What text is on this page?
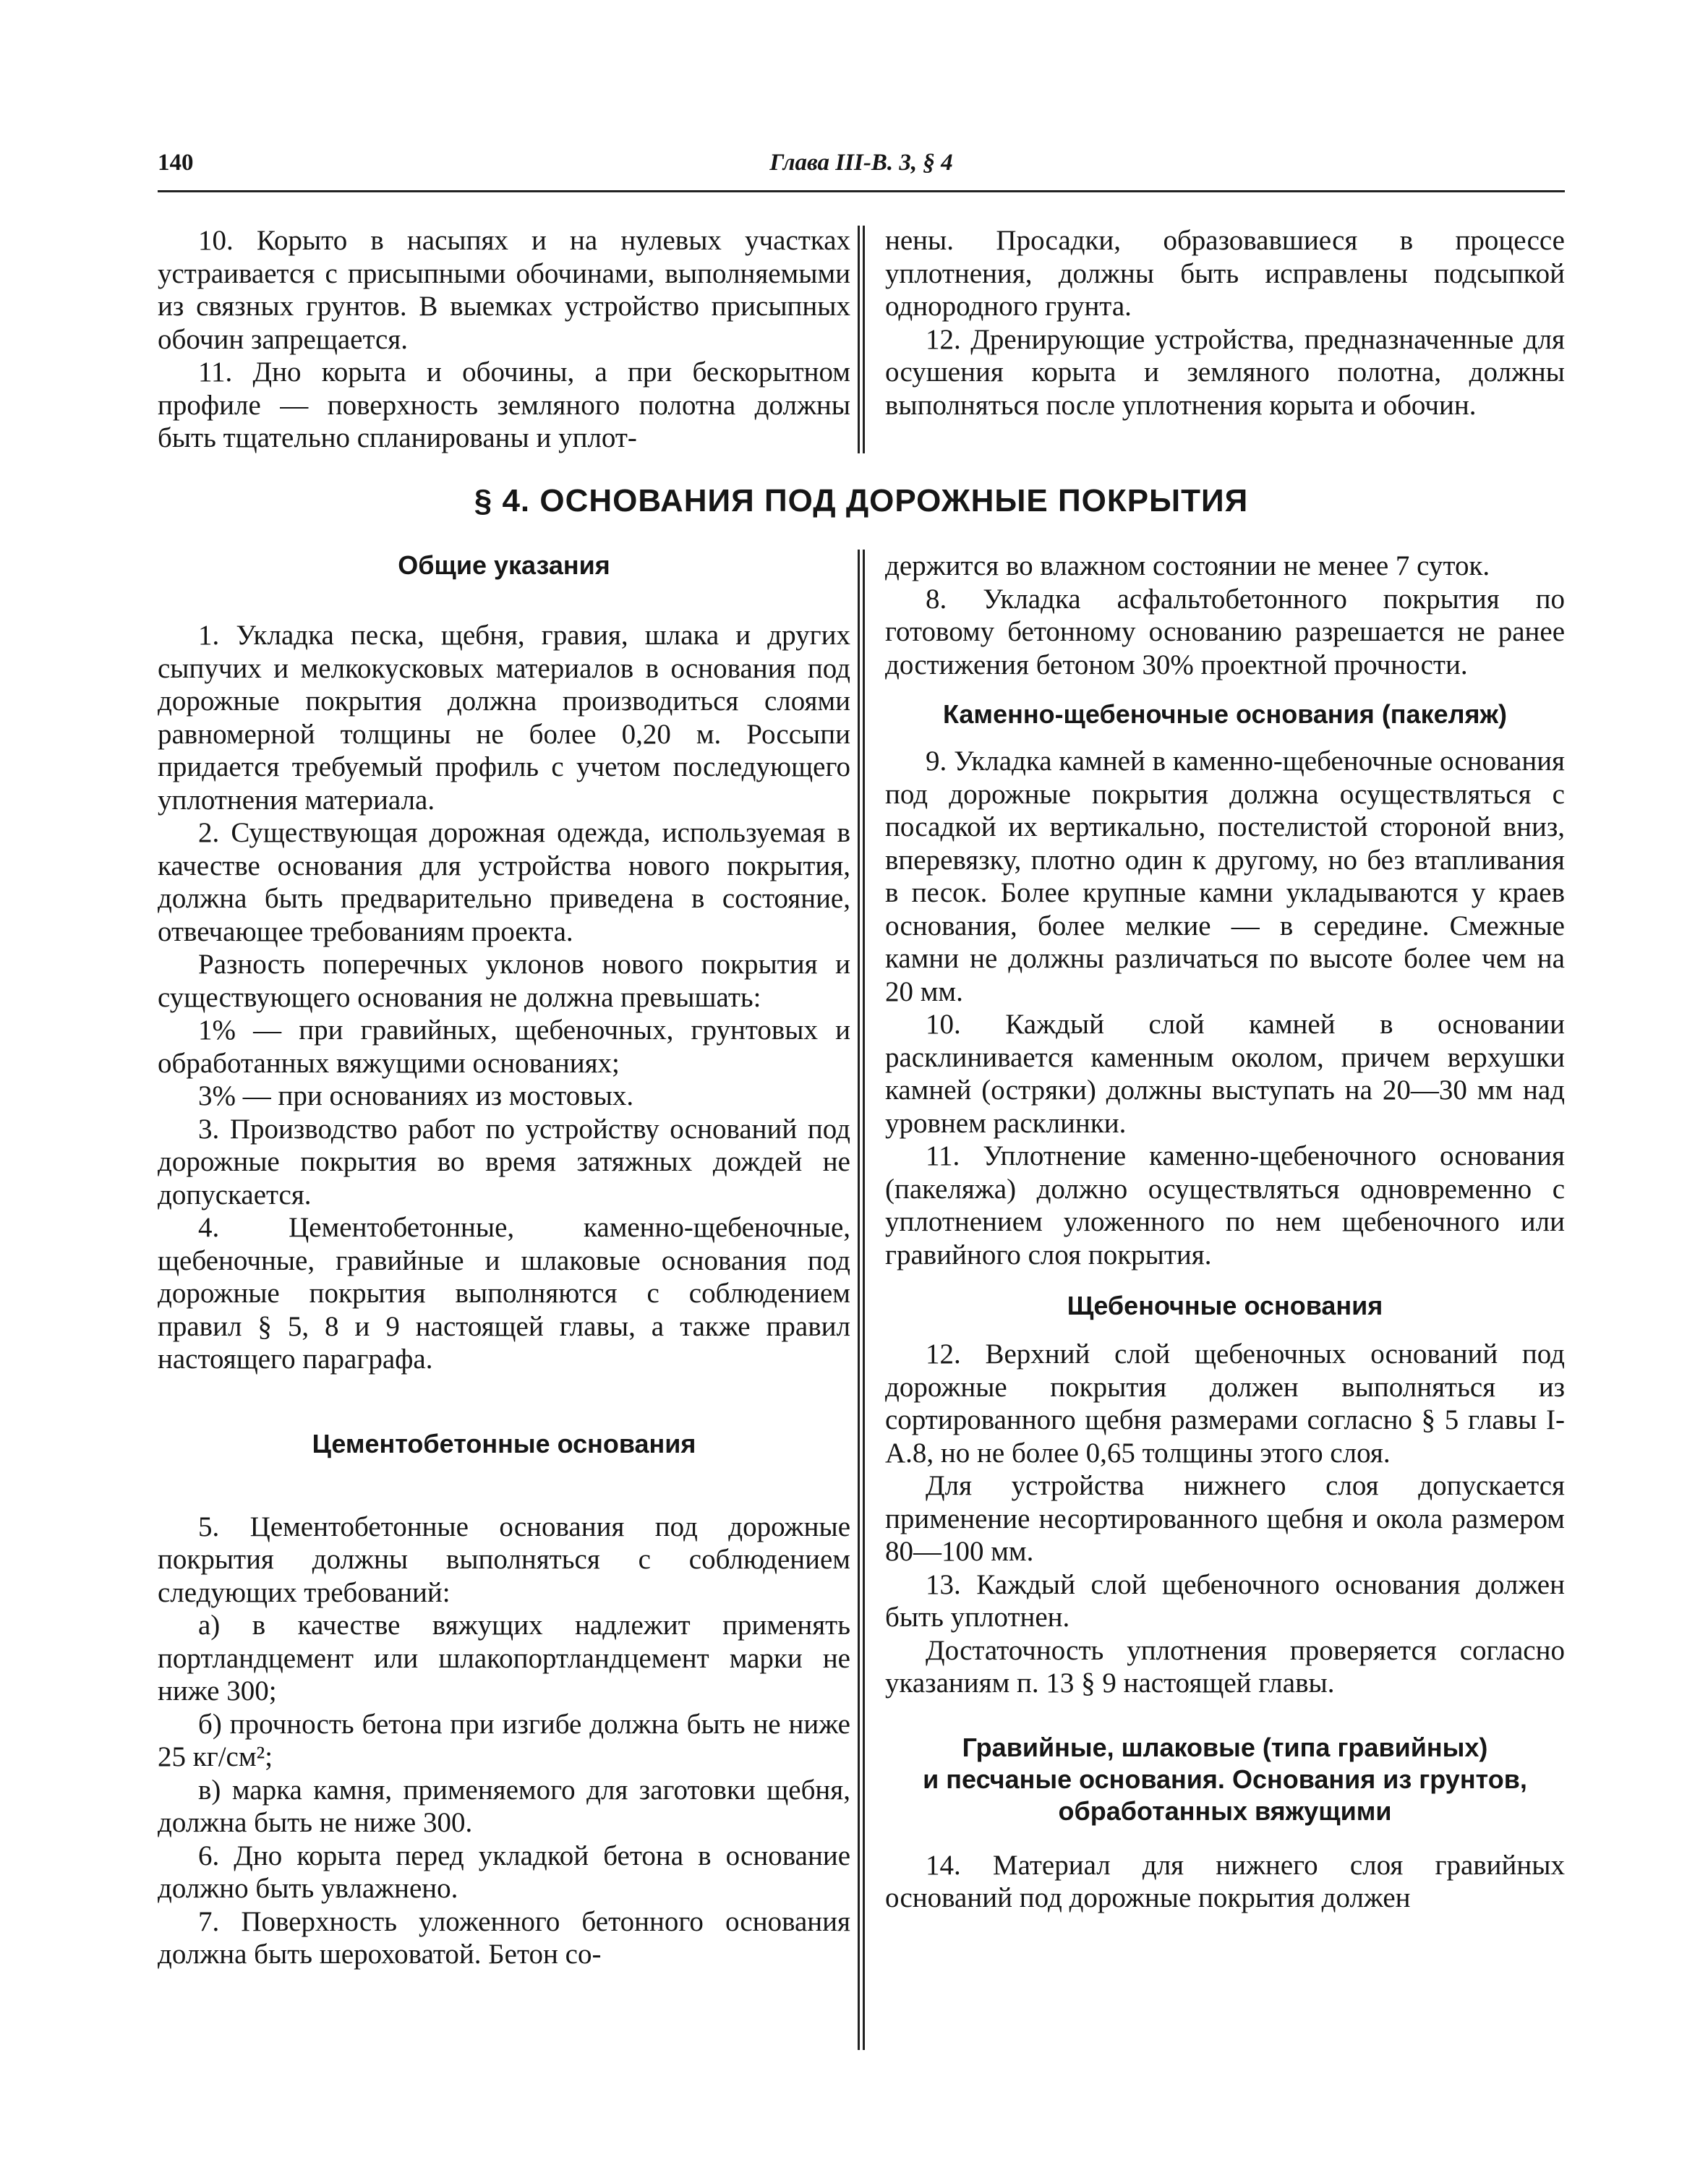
140	Глава III-В. 3, § 4

10. Корыто в насыпях и на нулевых участках устраивается с присыпными обочинами, выполняемыми из связных грунтов. В выемках устройство присыпных обочин запрещается.

11. Дно корыта и обочины, а при бескорытном профиле — поверхность земляного полотна должны быть тщательно спланированы и уплот-

нены. Просадки, образовавшиеся в процессе уплотнения, должны быть исправлены подсыпкой однородного грунта.

12. Дренирующие устройства, предназначенные для осушения корыта и земляного полотна, должны выполняться после уплотнения корыта и обочин.

§ 4. ОСНОВАНИЯ ПОД ДОРОЖНЫЕ ПОКРЫТИЯ

Общие указания

1. Укладка песка, щебня, гравия, шлака и других сыпучих и мелкокусковых материалов в основания под дорожные покрытия должна производиться слоями равномерной толщины не более 0,20 м. Россыпи придается требуемый профиль с учетом последующего уплотнения материала.

2. Существующая дорожная одежда, используемая в качестве основания для устройства нового покрытия, должна быть предварительно приведена в состояние, отвечающее требованиям проекта.

Разность поперечных уклонов нового покрытия и существующего основания не должна превышать:

1% — при гравийных, щебеночных, грунтовых и обработанных вяжущими основаниях;

3% — при основаниях из мостовых.

3. Производство работ по устройству оснований под дорожные покрытия во время затяжных дождей не допускается.

4. Цементобетонные, каменно-щебеночные, щебеночные, гравийные и шлаковые основания под дорожные покрытия выполняются с соблюдением правил § 5, 8 и 9 настоящей главы, а также правил настоящего параграфа.

Цементобетонные основания

5. Цементобетонные основания под дорожные покрытия должны выполняться с соблюдением следующих требований:

а) в качестве вяжущих надлежит применять портландцемент или шлакопортландцемент марки не ниже 300;

б) прочность бетона при изгибе должна быть не ниже 25 кг/см²;

в) марка камня, применяемого для заготовки щебня, должна быть не ниже 300.

6. Дно корыта перед укладкой бетона в основание должно быть увлажнено.

7. Поверхность уложенного бетонного основания должна быть шероховатой. Бетон со-

держится во влажном состоянии не менее 7 суток.

8. Укладка асфальтобетонного покрытия по готовому бетонному основанию разрешается не ранее достижения бетоном 30% проектной прочности.

Каменно-щебеночные основания (пакеляж)

9. Укладка камней в каменно-щебеночные основания под дорожные покрытия должна осуществляться с посадкой их вертикально, постелистой стороной вниз, вперевязку, плотно один к другому, но без втапливания в песок. Более крупные камни укладываются у краев основания, более мелкие — в середине. Смежные камни не должны различаться по высоте более чем на 20 мм.

10. Каждый слой камней в основании расклинивается каменным околом, причем верхушки камней (остряки) должны выступать на 20—30 мм над уровнем расклинки.

11. Уплотнение каменно-щебеночного основания (пакеляжа) должно осуществляться одновременно с уплотнением уложенного по нем щебеночного или гравийного слоя покрытия.

Щебеночные основания

12. Верхний слой щебеночных оснований под дорожные покрытия должен выполняться из сортированного щебня размерами согласно § 5 главы I-А.8, но не более 0,65 толщины этого слоя.

Для устройства нижнего слоя допускается применение несортированного щебня и окола размером 80—100 мм.

13. Каждый слой щебеночного основания должен быть уплотнен.

Достаточность уплотнения проверяется согласно указаниям п. 13 § 9 настоящей главы.

Гравийные, шлаковые (типа гравийных)

и песчаные основания. Основания из грунтов,

обработанных вяжущими

14. Материал для нижнего слоя гравийных оснований под дорожные покрытия должен
